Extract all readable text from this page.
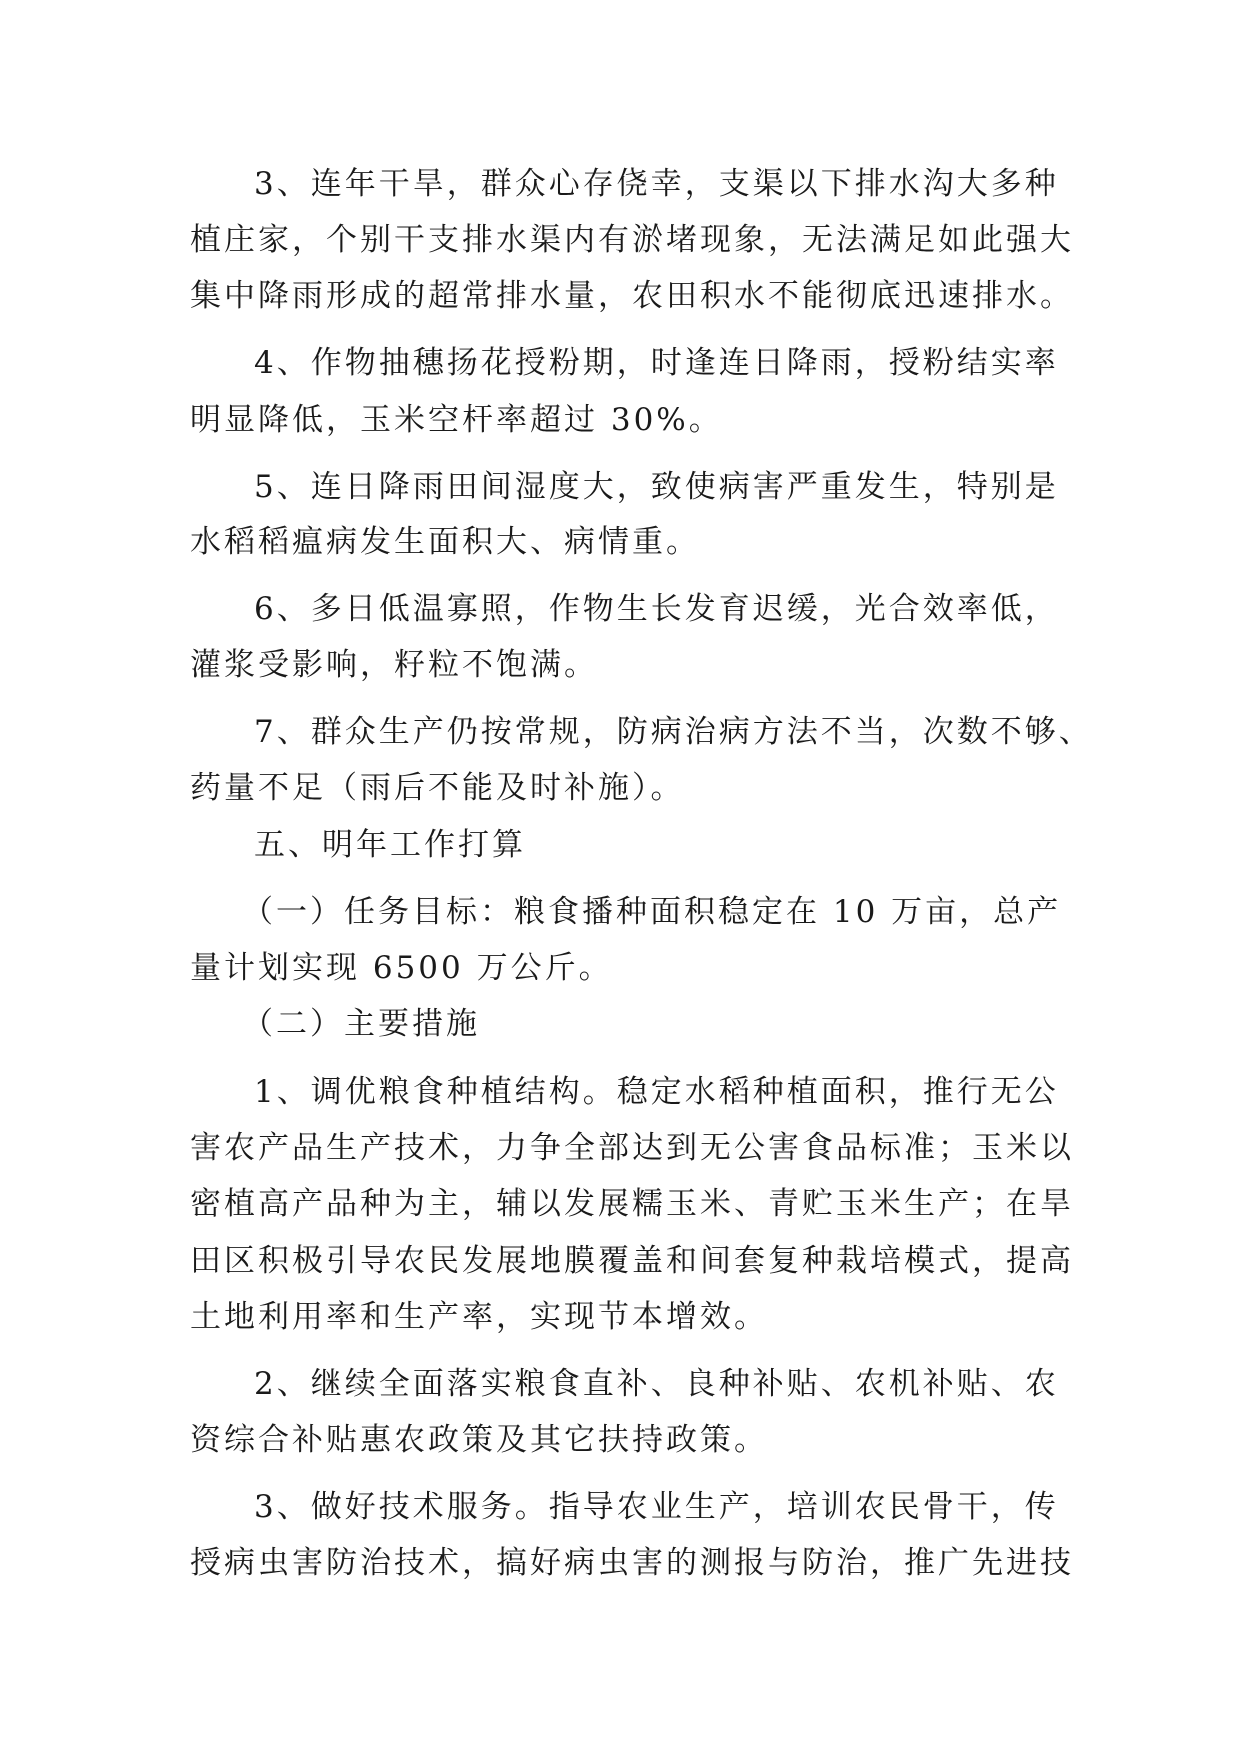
3、连年干旱，群众心存侥幸，支渠以下排水沟大多种
植庄家，个别干支排水渠内有淤堵现象，无法满足如此强大
集中降雨形成的超常排水量，农田积水不能彻底迅速排水。
4、作物抽穗扬花授粉期，时逢连日降雨，授粉结实率
明显降低，玉米空杆率超过 30%。
5、连日降雨田间湿度大，致使病害严重发生，特别是
水稻稻瘟病发生面积大、病情重。
6、多日低温寡照，作物生长发育迟缓，光合效率低，
灌浆受影响，籽粒不饱满。
7、群众生产仍按常规，防病治病方法不当，次数不够、
药量不足（雨后不能及时补施）。
五、明年工作打算
（一）任务目标：粮食播种面积稳定在 10 万亩，总产
量计划实现 6500 万公斤。
（二）主要措施
1、调优粮食种植结构。稳定水稻种植面积，推行无公
害农产品生产技术，力争全部达到无公害食品标准；玉米以
密植高产品种为主，辅以发展糯玉米、青贮玉米生产；在旱
田区积极引导农民发展地膜覆盖和间套复种栽培模式，提高
土地利用率和生产率，实现节本增效。
2、继续全面落实粮食直补、良种补贴、农机补贴、农
资综合补贴惠农政策及其它扶持政策。
3、做好技术服务。指导农业生产，培训农民骨干，传
授病虫害防治技术，搞好病虫害的测报与防治，推广先进技
